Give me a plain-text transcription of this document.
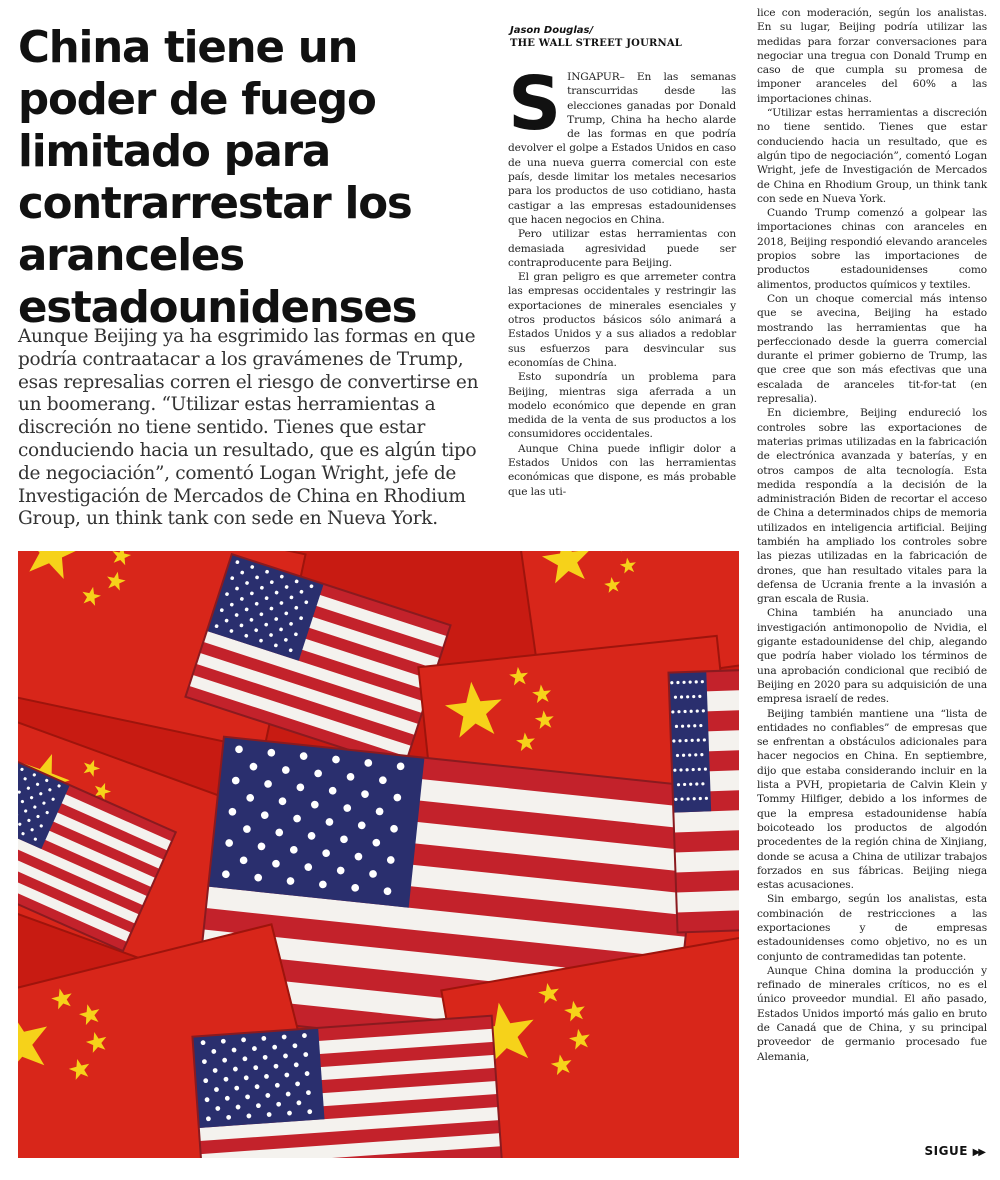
China tiene un poder de fuego limitado para contrarrestar los aranceles estadounidenses

Aunque Beijing ya ha esgrimido las formas en que podría contraatacar a los gravámenes de Trump, esas represalias corren el riesgo de convertirse en un boomerang. “Utilizar estas herramientas a discreción no tiene sentido. Tienes que estar conduciendo hacia un resultado, que es algún tipo de negociación”, comentó Logan Wright, jefe de Investigación de Mercados de China en Rhodium Group, un think tank con sede en Nueva York.

Jason Douglas/
THE WALL STREET JOURNAL
S INGAPUR– En las semanas transcurridas desde las elecciones ganadas por Donald Trump, China ha hecho alarde de las formas en que podría devolver el golpe a Estados Unidos en caso de una nueva guerra comercial con este país, desde limitar los metales necesarios para los productos de uso cotidiano, hasta castigar a las empresas estadounidenses que hacen negocios en China.

Pero utilizar estas herramientas con demasiada agresividad puede ser contraproducente para Beijing.

El gran peligro es que arremeter contra las empresas occidentales y restringir las exportaciones de minerales esenciales y otros productos básicos sólo animará a Estados Unidos y a sus aliados a redoblar sus esfuerzos para desvincular sus economías de China.

Esto supondría un problema para Beijing, mientras siga aferrada a un modelo económico que depende en gran medida de la venta de sus productos a los consumidores occidentales.

Aunque China puede infligir dolor a Estados Unidos con las herramientas económicas que dispone, es más probable que las uti-

lice con moderación, según los analistas. En su lugar, Beijing podría utilizar las medidas para forzar conversaciones para negociar una tregua con Donald Trump en caso de que cumpla su promesa de imponer aranceles del 60% a las importaciones chinas.

“Utilizar estas herramientas a discreción no tiene sentido. Tienes que estar conduciendo hacia un resultado, que es algún tipo de negociación”, comentó Logan Wright, jefe de Investigación de Mercados de China en Rhodium Group, un think tank con sede en Nueva York.

Cuando Trump comenzó a golpear las importaciones chinas con aranceles en 2018, Beijing respondió elevando aranceles propios sobre las importaciones de productos estadounidenses como alimentos, productos químicos y textiles.

Con un choque comercial más intenso que se avecina, Beijing ha estado mostrando las herramientas que ha perfeccionado desde la guerra comercial durante el primer gobierno de Trump, las que cree que son más efectivas que una escalada de aranceles tit-for-tat (en represalia).

En diciembre, Beijing endureció los controles sobre las exportaciones de materias primas utilizadas en la fabricación de electrónica avanzada y baterías, y en otros campos de alta tecnología. Esta medida respondía a la decisión de la administración Biden de recortar el acceso de China a determinados chips de memoria utilizados en inteligencia artificial. Beijing también ha ampliado los controles sobre las piezas utilizadas en la fabricación de drones, que han resultado vitales para la defensa de Ucrania frente a la invasión a gran escala de Rusia.

China también ha anunciado una investigación antimonopolio de Nvidia, el gigante estadounidense del chip, alegando que podría haber violado los términos de una aprobación condicional que recibió de Beijing en 2020 para su adquisición de una empresa israelí de redes.

Beijing también mantiene una “lista de entidades no confiables” de empresas que se enfrentan a obstáculos adicionales para hacer negocios en China. En septiembre, dijo que estaba considerando incluir en la lista a PVH, propietaria de Calvin Klein y Tommy Hilfiger, debido a los informes de que la empresa estadounidense había boicoteado los productos de algodón procedentes de la región china de Xinjiang, donde se acusa a China de utilizar trabajos forzados en sus fábricas. Beijing niega estas acusaciones.

Sin embargo, según los analistas, esta combinación de restricciones a las exportaciones y de empresas estadounidenses como objetivo, no es un conjunto de contramedidas tan potente.

Aunque China domina la producción y refinado de minerales críticos, no es el único proveedor mundial. El año pasado, Estados Unidos importó más galio en bruto de Canadá que de China, y su principal proveedor de germanio procesado fue Alemania,

SIGUE ▶▶
